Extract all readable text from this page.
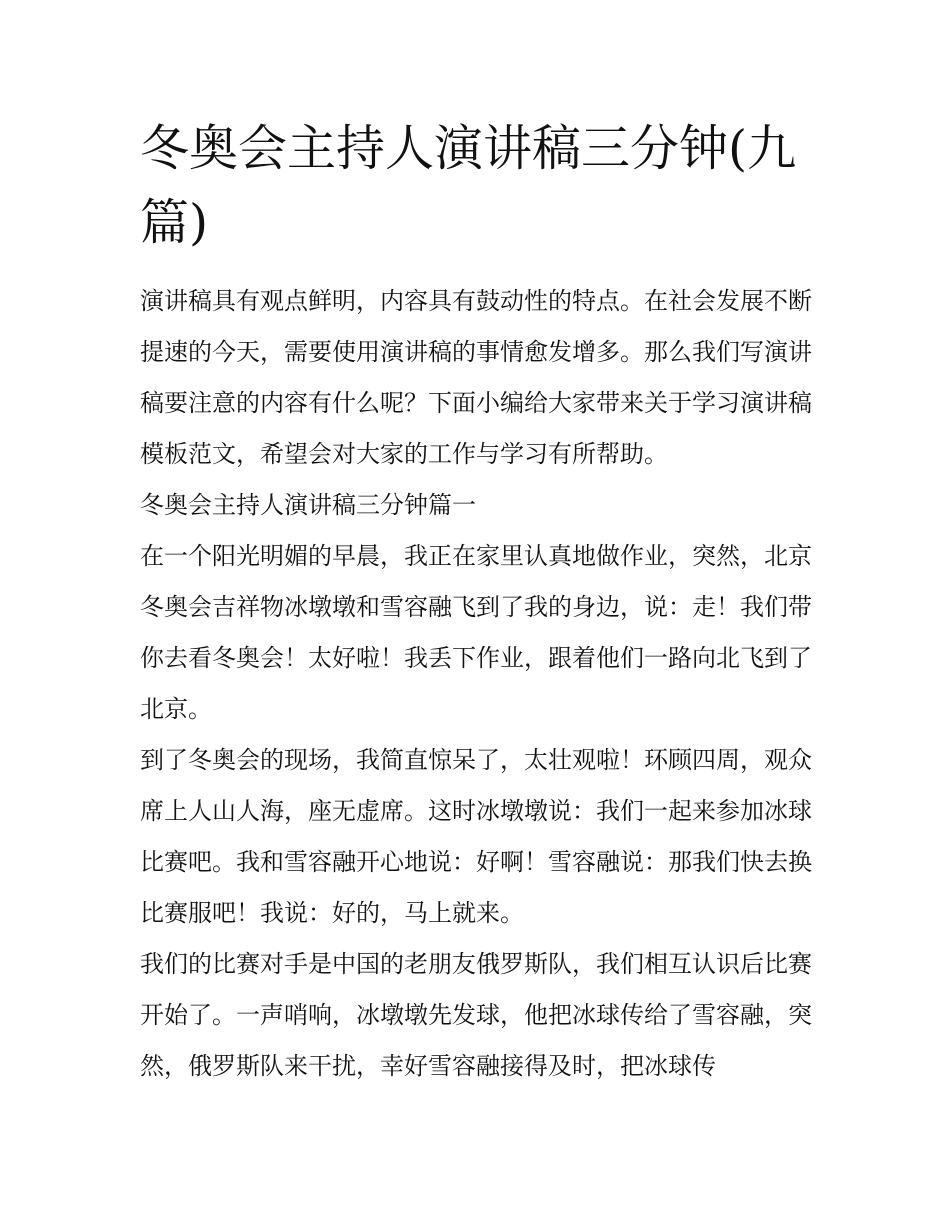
冬奥会主持人演讲稿三分钟(九篇)

演讲稿具有观点鲜明，内容具有鼓动性的特点。在社会发展不断提速的今天，需要使用演讲稿的事情愈发增多。那么我们写演讲稿要注意的内容有什么呢？下面小编给大家带来关于学习演讲稿模板范文，希望会对大家的工作与学习有所帮助。

冬奥会主持人演讲稿三分钟篇一

在一个阳光明媚的早晨，我正在家里认真地做作业，突然，北京冬奥会吉祥物冰墩墩和雪容融飞到了我的身边，说：走！我们带你去看冬奥会！太好啦！我丢下作业，跟着他们一路向北飞到了北京。

到了冬奥会的现场，我简直惊呆了，太壮观啦！环顾四周，观众席上人山人海，座无虚席。这时冰墩墩说：我们一起来参加冰球比赛吧。我和雪容融开心地说：好啊！雪容融说：那我们快去换比赛服吧！我说：好的，马上就来。

我们的比赛对手是中国的老朋友俄罗斯队，我们相互认识后比赛开始了。一声哨响，冰墩墩先发球，他把冰球传给了雪容融，突然，俄罗斯队来干扰，幸好雪容融接得及时，把冰球传
